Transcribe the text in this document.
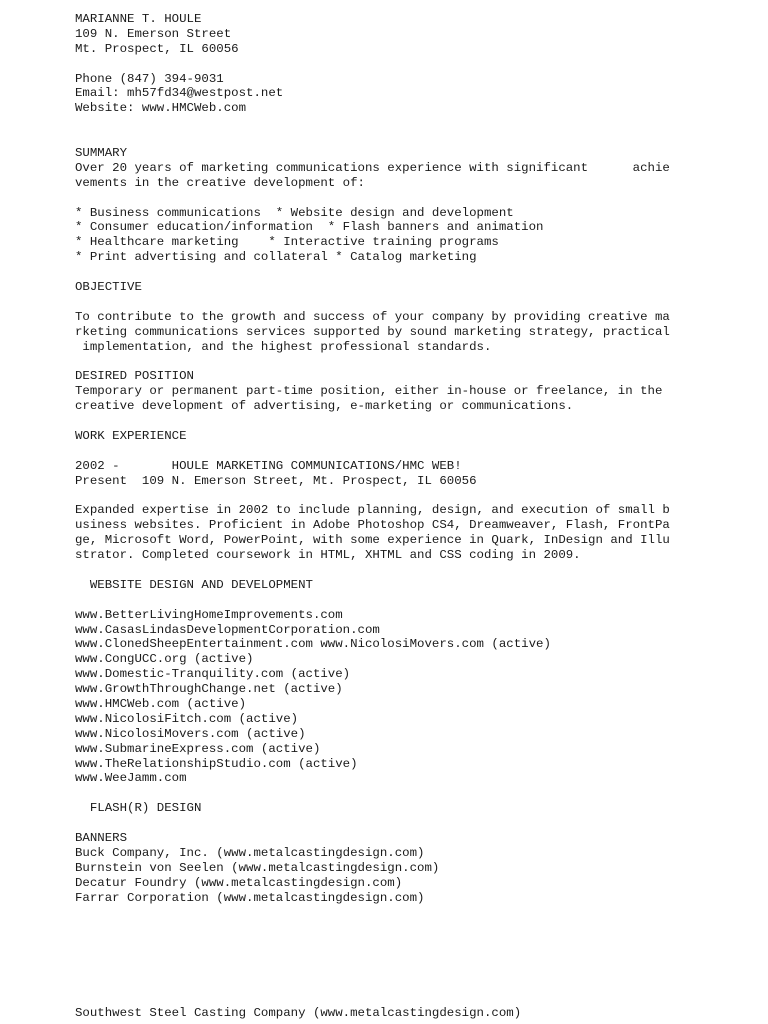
MARIANNE T. HOULE
109 N. Emerson Street
Mt. Prospect, IL 60056
Phone (847) 394-9031
Email: mh57fd34@westpost.net
Website: www.HMCWeb.com
SUMMARY
Over 20 years of marketing communications experience with significant      achie
vements in the creative development of:
* Business communications  * Website design and development
* Consumer education/information  * Flash banners and animation
* Healthcare marketing    * Interactive training programs
* Print advertising and collateral * Catalog marketing
OBJECTIVE
To contribute to the growth and success of your company by providing creative ma
rketing communications services supported by sound marketing strategy, practical
implementation, and the highest professional standards.
DESIRED POSITION
Temporary or permanent part-time position, either in-house or freelance, in the
creative development of advertising, e-marketing or communications.
WORK EXPERIENCE
2002 -       HOULE MARKETING COMMUNICATIONS/HMC WEB!
Present  109 N. Emerson Street, Mt. Prospect, IL 60056
Expanded expertise in 2002 to include planning, design, and execution of small b
usiness websites. Proficient in Adobe Photoshop CS4, Dreamweaver, Flash, FrontPa
ge, Microsoft Word, PowerPoint, with some experience in Quark, InDesign and Illu
strator. Completed coursework in HTML, XHTML and CSS coding in 2009.
WEBSITE DESIGN AND DEVELOPMENT
www.BetterLivingHomeImprovements.com
www.CasasLindasDevelopmentCorporation.com
www.ClonedSheepEntertainment.com www.NicolosiMovers.com (active)
www.CongUCC.org (active)
www.Domestic-Tranquility.com (active)
www.GrowthThroughChange.net (active)
www.HMCWeb.com (active)
www.NicolosiFitch.com (active)
www.NicolosiMovers.com (active)
www.SubmarineExpress.com (active)
www.TheRelationshipStudio.com (active)
www.WeeJamm.com
FLASH(R) DESIGN
BANNERS
Buck Company, Inc. (www.metalcastingdesign.com)
Burnstein von Seelen (www.metalcastingdesign.com)
Decatur Foundry (www.metalcastingdesign.com)
Farrar Corporation (www.metalcastingdesign.com)
Southwest Steel Casting Company (www.metalcastingdesign.com)
